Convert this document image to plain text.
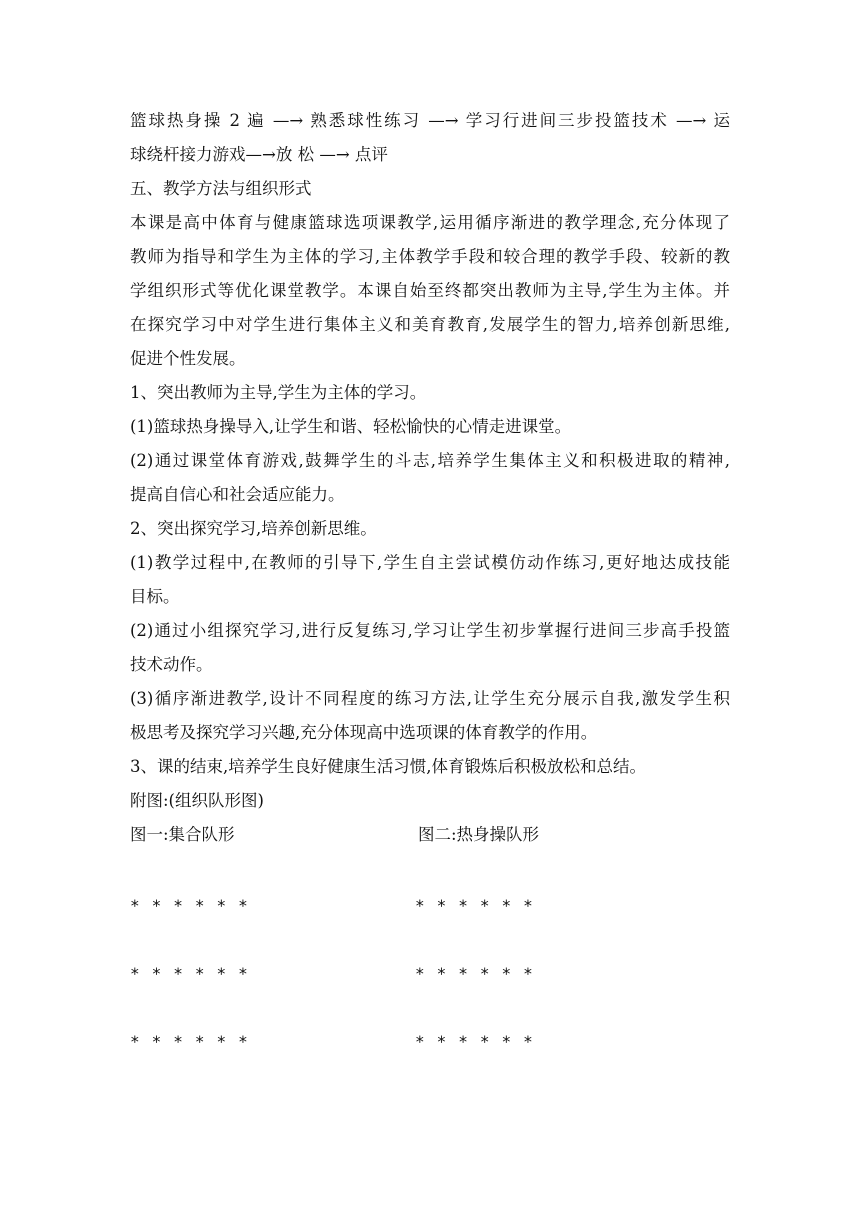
篮球热身操 2 遍 —→ 熟悉球性练习 —→ 学习行进间三步投篮技术 —→ 运
球绕杆接力游戏—→放 松 —→ 点评
五、教学方法与组织形式
本课是高中体育与健康篮球选项课教学,运用循序渐进的教学理念,充分体现了
教师为指导和学生为主体的学习,主体教学手段和较合理的教学手段、较新的教
学组织形式等优化课堂教学。本课自始至终都突出教师为主导,学生为主体。并
在探究学习中对学生进行集体主义和美育教育,发展学生的智力,培养创新思维,
促进个性发展。
1、突出教师为主导,学生为主体的学习。
(1)篮球热身操导入,让学生和谐、轻松愉快的心情走进课堂。
(2)通过课堂体育游戏,鼓舞学生的斗志,培养学生集体主义和积极进取的精神,
提高自信心和社会适应能力。
2、突出探究学习,培养创新思维。
(1)教学过程中,在教师的引导下,学生自主尝试模仿动作练习,更好地达成技能
目标。
(2)通过小组探究学习,进行反复练习,学习让学生初步掌握行进间三步高手投篮
技术动作。
(3)循序渐进教学,设计不同程度的练习方法,让学生充分展示自我,激发学生积
极思考及探究学习兴趣,充分体现高中选项课的体育教学的作用。
3、课的结束,培养学生良好健康生活习惯,体育锻炼后积极放松和总结。
附图:(组织队形图)
图一:集合队形	图二:热身操队形
******
******
******
******
******
******
